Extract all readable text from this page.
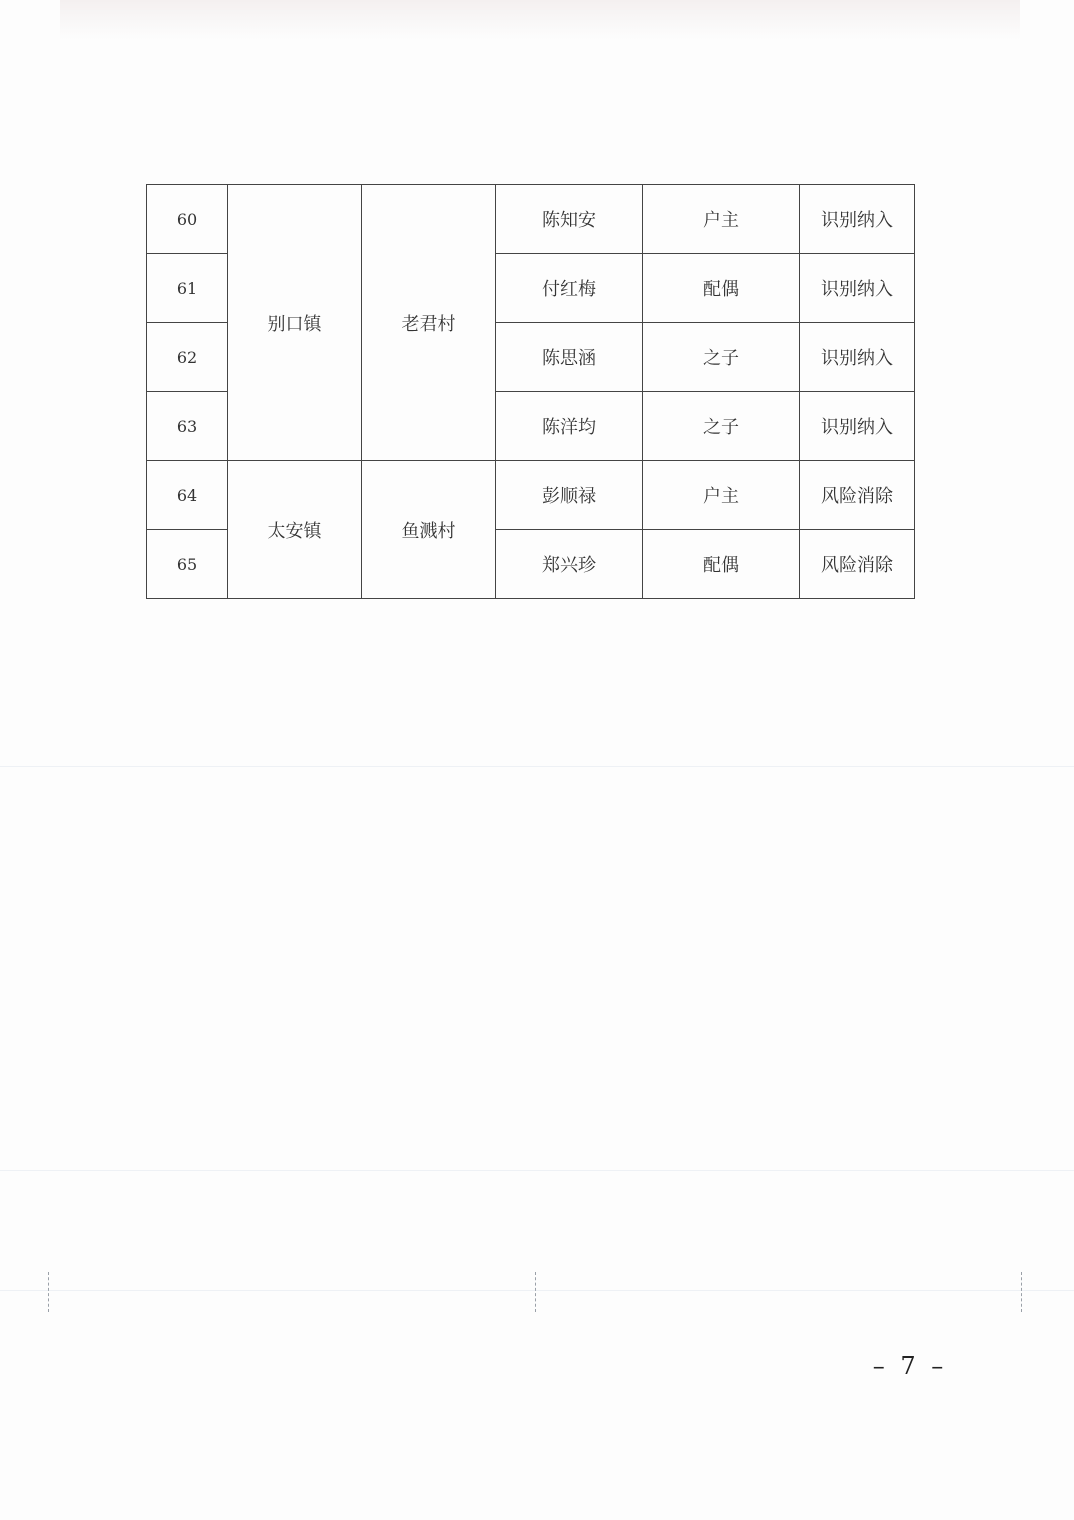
60	别口镇	老君村	陈知安	户主	识别纳入
61			付红梅	配偶	识别纳入
62			陈思涵	之子	识别纳入
63			陈洋均	之子	识别纳入
64	太安镇	鱼溅村	彭顺禄	户主	风险消除
65			郑兴珍	配偶	风险消除
– 7 –
